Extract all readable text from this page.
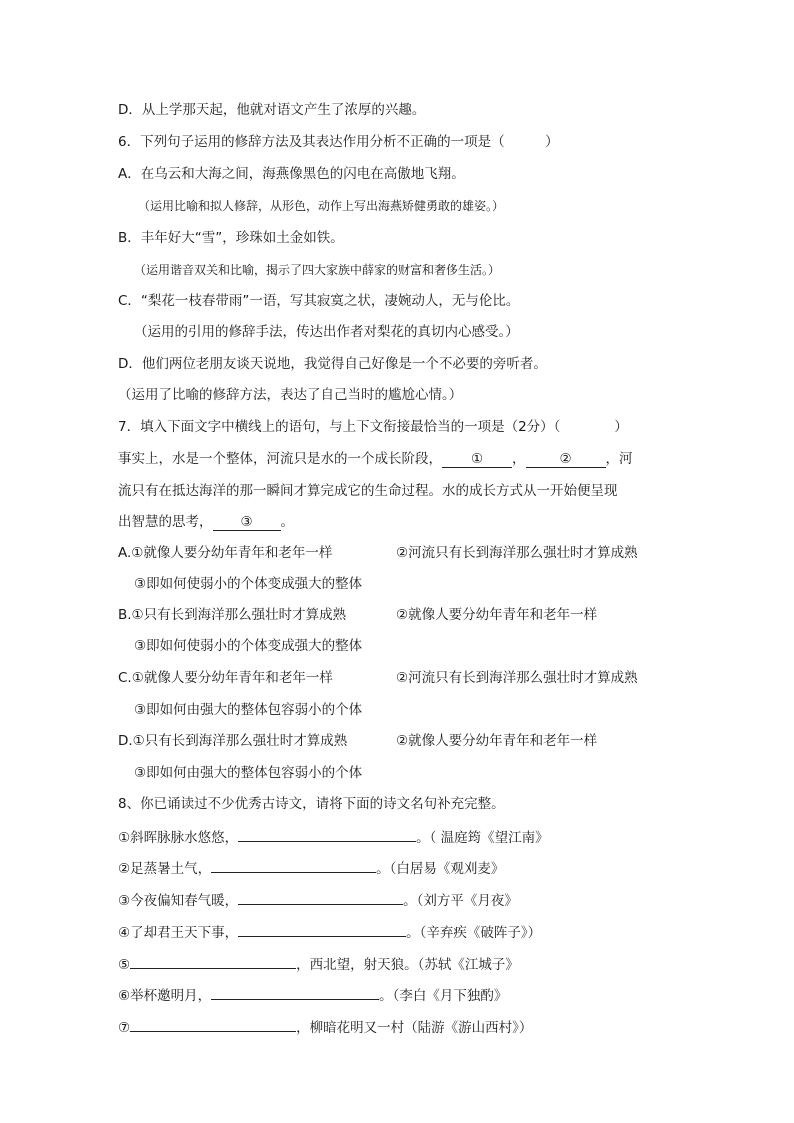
D．从上学那天起，他就对语文产生了浓厚的兴趣。
6．下列句子运用的修辞方法及其表达作用分析不正确的一项是（　　　）
A．在乌云和大海之间，海燕像黑色的闪电在高傲地飞翔。
（运用比喻和拟人修辞，从形色，动作上写出海燕矫健勇敢的雄姿。）
B．丰年好大“雪”，珍珠如土金如铁。
（运用谐音双关和比喻，揭示了四大家族中薛家的财富和奢侈生活。）
C．“梨花一枝春带雨”一语，写其寂寞之状，凄婉动人，无与伦比。
（运用的引用的修辞手法，传达出作者对梨花的真切内心感受。）
D．他们两位老朋友谈天说地，我觉得自己好像是一个不必要的旁听者。
（运用了比喻的修辞方法，表达了自己当时的尴尬心情。）
7．填入下面文字中横线上的语句，与上下文衔接最恰当的一项是（2分）（　　　　）
事实上，水是一个整体，河流只是水的一个成长阶段， ① ，	②	，河
流只有在抵达海洋的那一瞬间才算完成它的生命过程。水的成长方式从一开始便呈现
出智慧的思考， ③ 。
A.①就像人要分幼年青年和老年一样	②河流只有长到海洋那么强壮时才算成熟
③即如何使弱小的个体变成强大的整体
B.①只有长到海洋那么强壮时才算成熟	②就像人要分幼年青年和老年一样
③即如何使弱小的个体变成强大的整体
C.①就像人要分幼年青年和老年一样	②河流只有长到海洋那么强壮时才算成熟
③即如何由强大的整体包容弱小的个体
D.①只有长到海洋那么强壮时才算成熟	②就像人要分幼年青年和老年一样
③即如何由强大的整体包容弱小的个体
8、你已诵读过不少优秀古诗文，请将下面的诗文名句补充完整。
①斜晖脉脉水悠悠，	。（ 温庭筠《望江南》
②足蒸暑土气，	。（白居易《观刈麦》
③今夜偏知春气暖，	。（刘方平《月夜》
④了却君王天下事，	。（辛弃疾《破阵子》）
⑤	，西北望，射天狼。（苏轼《江城子》
⑥举杯邀明月，	。（李白《月下独酌》
⑦	，柳暗花明又一村（陆游《游山西村》）
